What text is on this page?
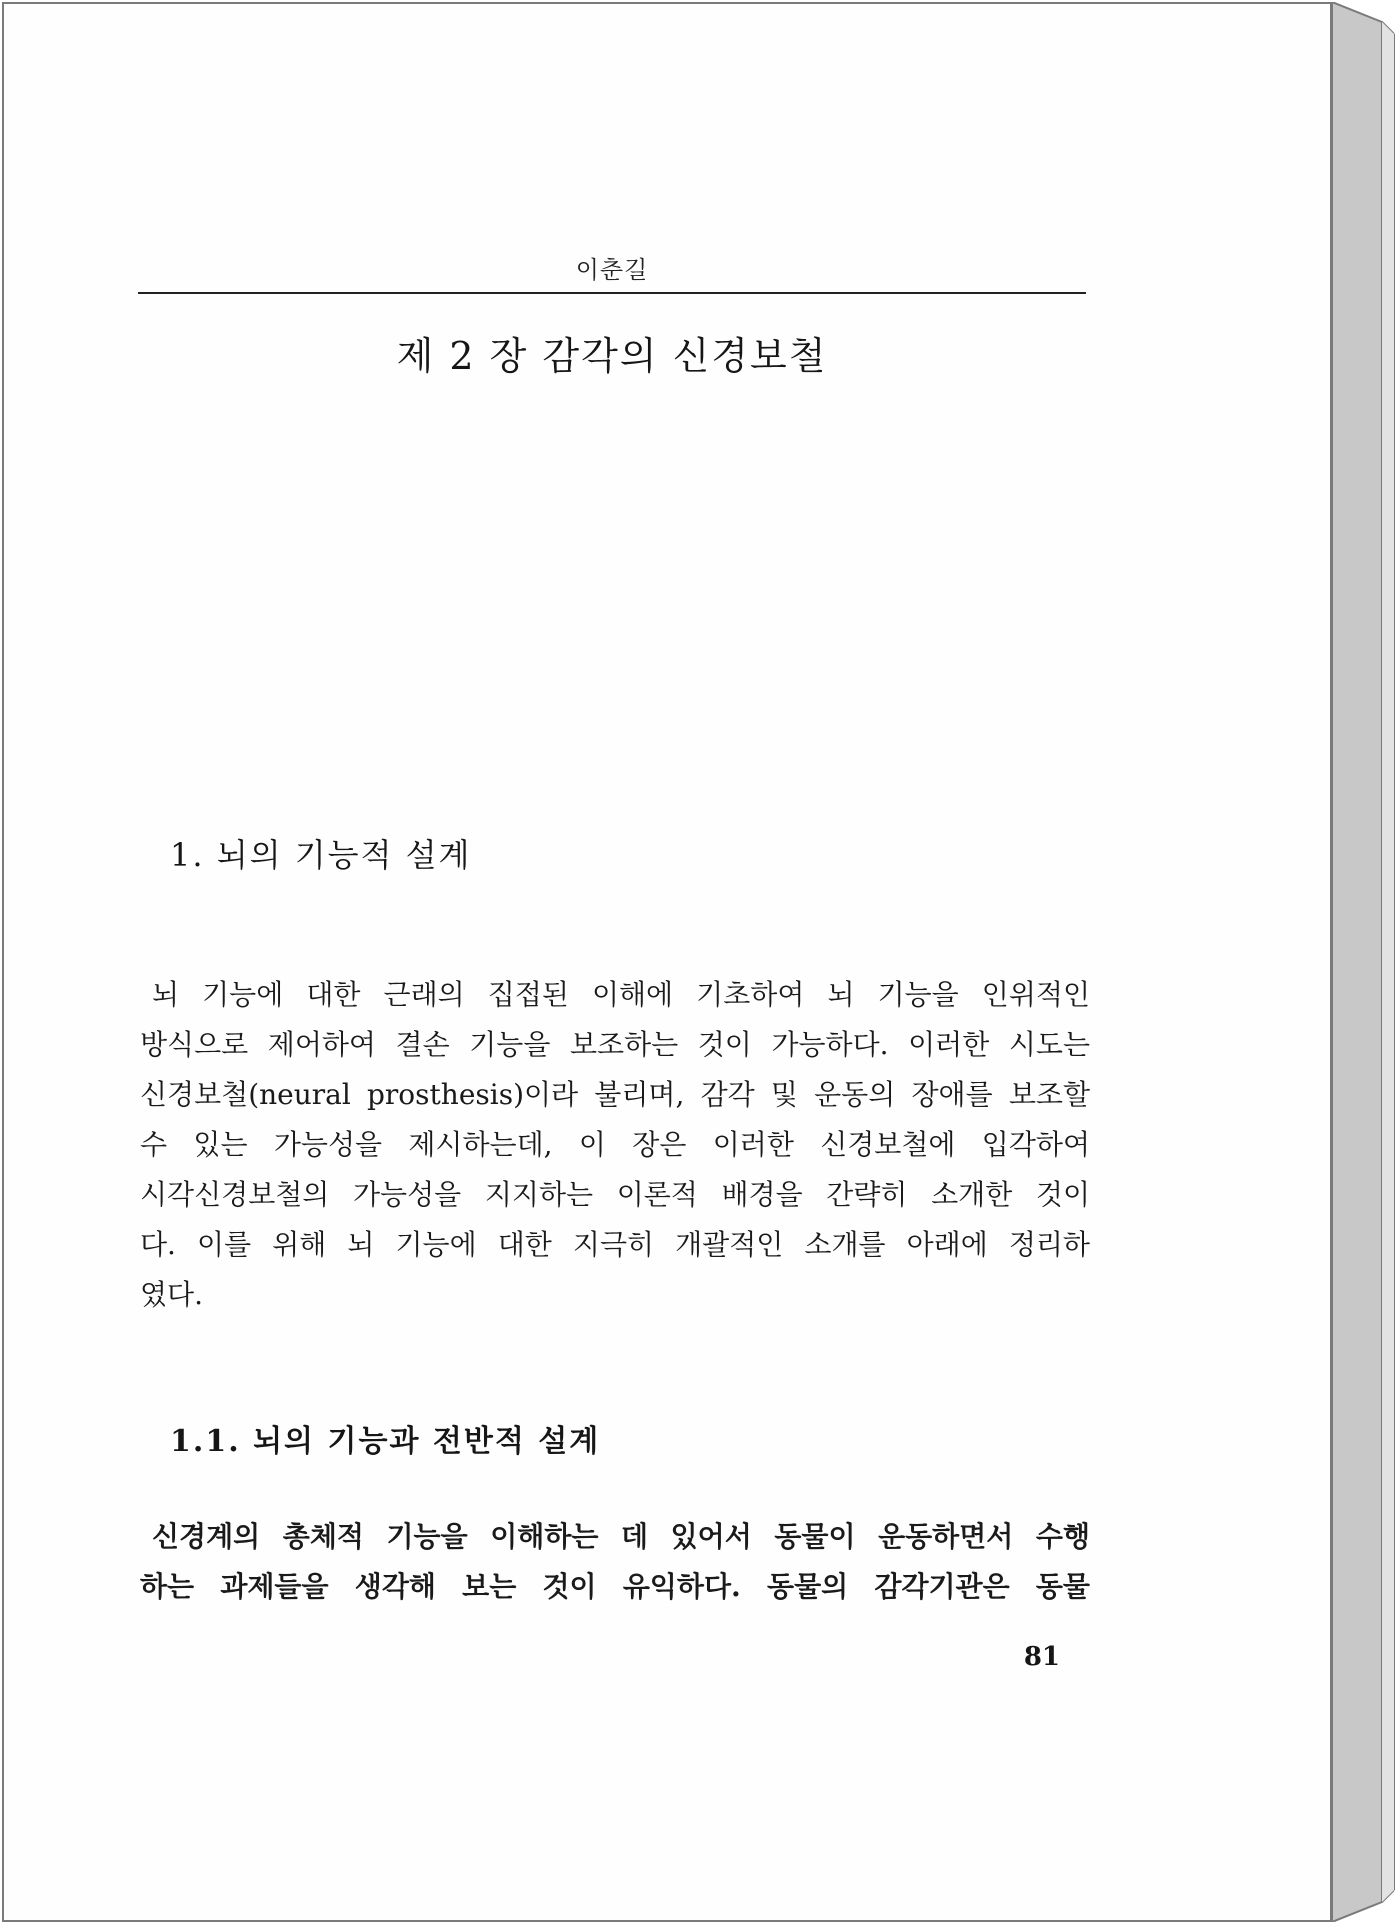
이춘길
제 2 장 감각의 신경보철
1. 뇌의 기능적 설계
뇌 기능에 대한 근래의 집접된 이해에 기초하여 뇌 기능을 인위적인
방식으로 제어하여 결손 기능을 보조하는 것이 가능하다. 이러한 시도는
신경보철(neural prosthesis)이라 불리며, 감각 및 운동의 장애를 보조할
수 있는 가능성을 제시하는데, 이 장은 이러한 신경보철에 입각하여
시각신경보철의 가능성을 지지하는 이론적 배경을 간략히 소개한 것이
다. 이를 위해 뇌 기능에 대한 지극히 개괄적인 소개를 아래에 정리하
였다.
1.1. 뇌의 기능과 전반적 설계
신경계의 총체적 기능을 이해하는 데 있어서 동물이 운동하면서 수행
하는 과제들을 생각해 보는 것이 유익하다. 동물의 감각기관은 동물
81
